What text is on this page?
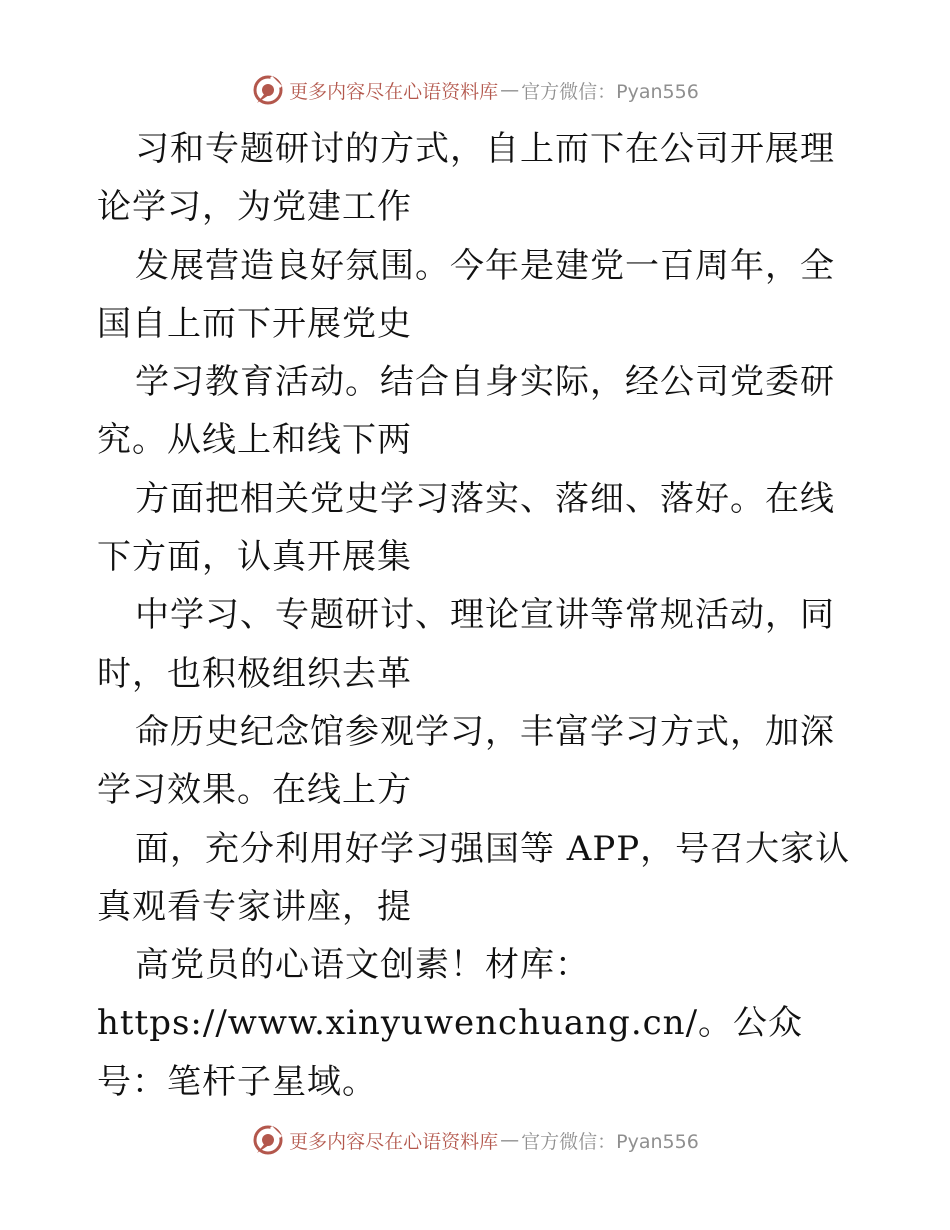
更多内容尽在心语资料库 — 官方微信：Pyan556

习和专题研讨的方式，自上而下在公司开展理论学习，为党建工作

发展营造良好氛围。今年是建党一百周年，全国自上而下开展党史

学习教育活动。结合自身实际，经公司党委研究。从线上和线下两

方面把相关党史学习落实、落细、落好。在线下方面，认真开展集

中学习、专题研讨、理论宣讲等常规活动，同时，也积极组织去革

命历史纪念馆参观学习，丰富学习方式，加深学习效果。在线上方

面，充分利用好学习强国等 APP，号召大家认真观看专家讲座，提

高党员的心语文创素！材库：https://www.xinyuwenchuang.cn/。公众号：笔杆子星域。

更多内容尽在心语资料库 — 官方微信：Pyan556
